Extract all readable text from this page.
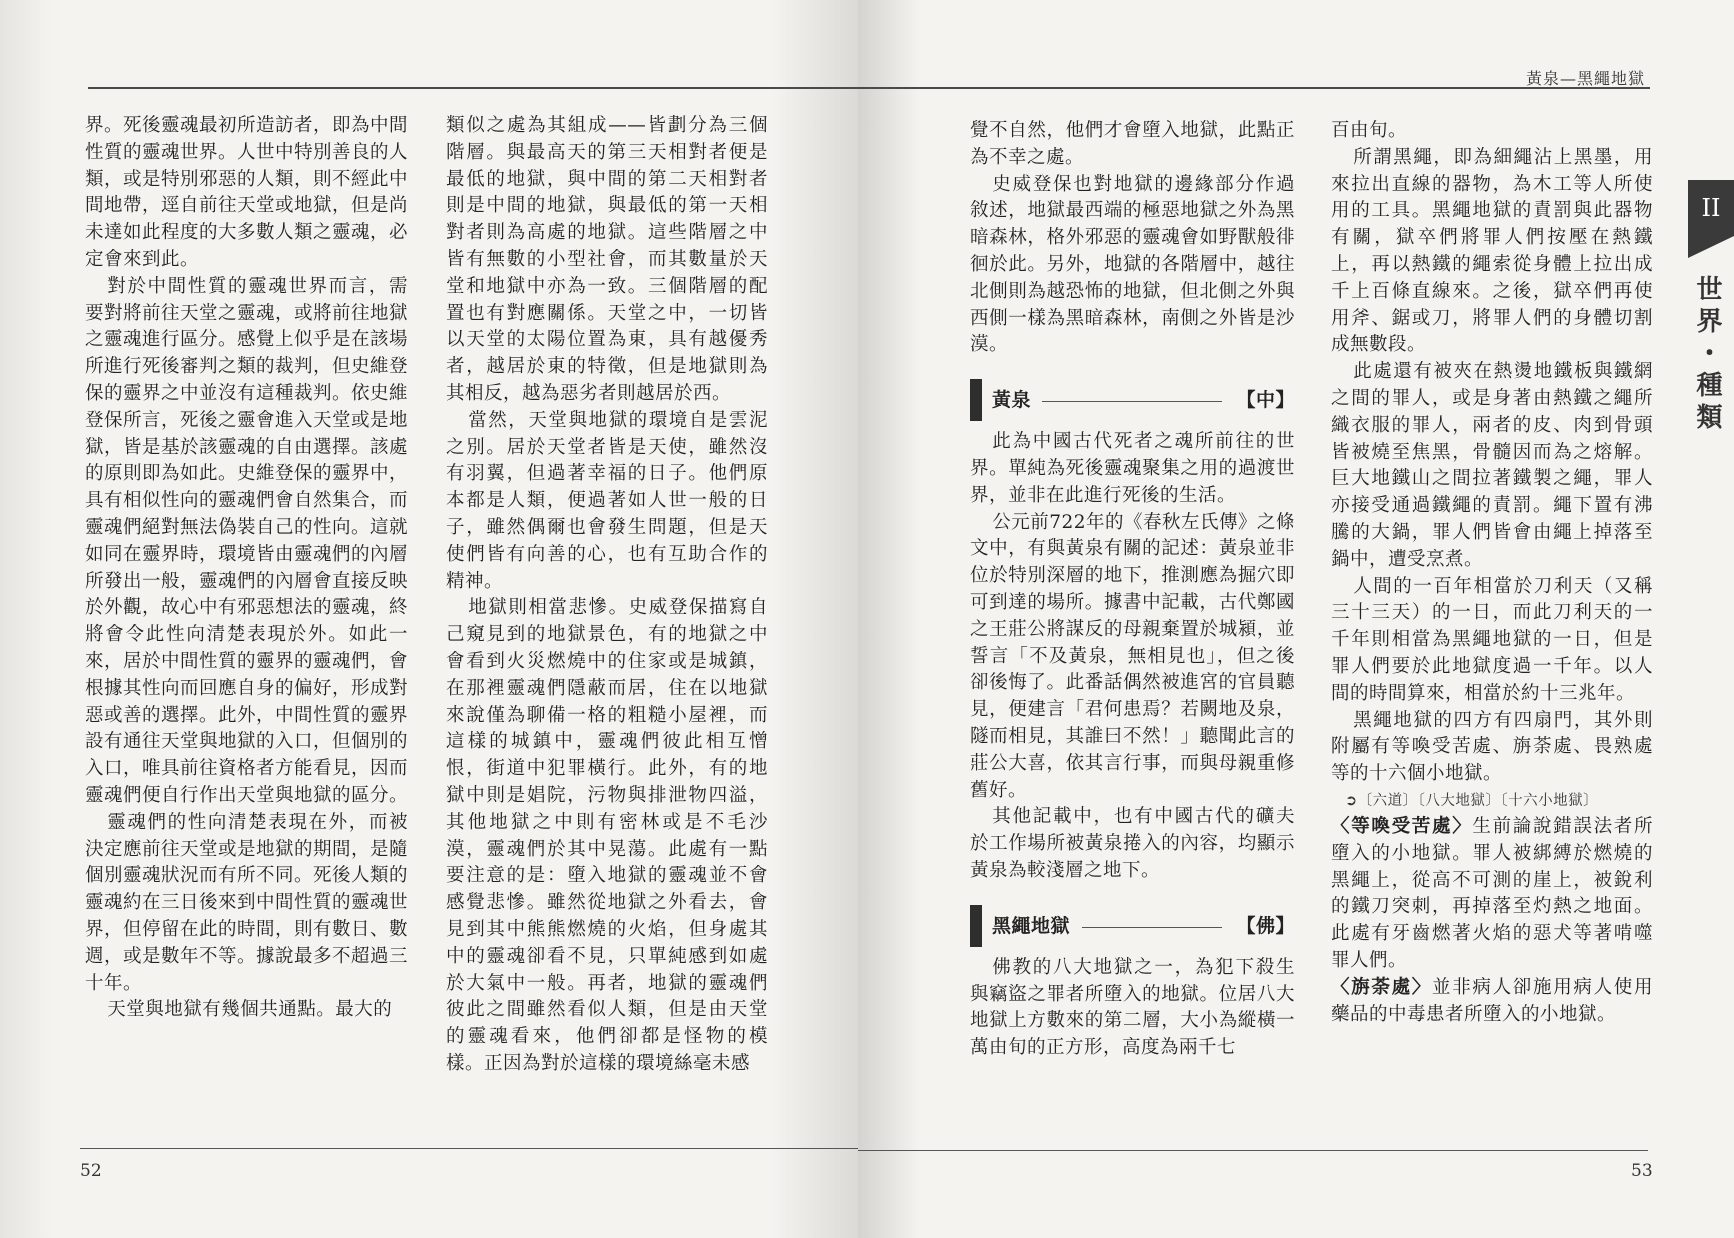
界。死後靈魂最初所造訪者，即為中間性質的靈魂世界。人世中特別善良的人類，或是特別邪惡的人類，則不經此中間地帶，逕自前往天堂或地獄，但是尚未達如此程度的大多數人類之靈魂，必定會來到此。

對於中間性質的靈魂世界而言，需要對將前往天堂之靈魂，或將前往地獄之靈魂進行區分。感覺上似乎是在該場所進行死後審判之類的裁判，但史維登保的靈界之中並沒有這種裁判。依史維登保所言，死後之靈會進入天堂或是地獄，皆是基於該靈魂的自由選擇。該處的原則即為如此。史維登保的靈界中，具有相似性向的靈魂們會自然集合，而靈魂們絕對無法偽裝自己的性向。這就如同在靈界時，環境皆由靈魂們的內層所發出一般，靈魂們的內層會直接反映於外觀，故心中有邪惡想法的靈魂，終將會令此性向清楚表現於外。如此一來，居於中間性質的靈界的靈魂們，會根據其性向而回應自身的偏好，形成對惡或善的選擇。此外，中間性質的靈界設有通往天堂與地獄的入口，但個別的入口，唯具前往資格者方能看見，因而靈魂們便自行作出天堂與地獄的區分。

靈魂們的性向清楚表現在外，而被決定應前往天堂或是地獄的期間，是隨個別靈魂狀況而有所不同。死後人類的靈魂約在三日後來到中間性質的靈魂世界，但停留在此的時間，則有數日、數週，或是數年不等。據說最多不超過三十年。

天堂與地獄有幾個共通點。最大的

類似之處為其組成——皆劃分為三個階層。與最高天的第三天相對者便是最低的地獄，與中間的第二天相對者則是中間的地獄，與最低的第一天相對者則為高處的地獄。這些階層之中皆有無數的小型社會，而其數量於天堂和地獄中亦為一致。三個階層的配置也有對應關係。天堂之中，一切皆以天堂的太陽位置為東，具有越優秀者，越居於東的特徵，但是地獄則為其相反，越為惡劣者則越居於西。

當然，天堂與地獄的環境自是雲泥之別。居於天堂者皆是天使，雖然沒有羽翼，但過著幸福的日子。他們原本都是人類，便過著如人世一般的日子，雖然偶爾也會發生問題，但是天使們皆有向善的心，也有互助合作的精神。

地獄則相當悲慘。史威登保描寫自己窺見到的地獄景色，有的地獄之中會看到火災燃燒中的住家或是城鎮，在那裡靈魂們隱蔽而居，住在以地獄來說僅為聊備一格的粗糙小屋裡，而這樣的城鎮中，靈魂們彼此相互憎恨，街道中犯罪橫行。此外，有的地獄中則是娼院，污物與排泄物四溢，其他地獄之中則有密林或是不毛沙漠，靈魂們於其中晃蕩。此處有一點要注意的是：墮入地獄的靈魂並不會感覺悲慘。雖然從地獄之外看去，會見到其中熊熊燃燒的火焰，但身處其中的靈魂卻看不見，只單純感到如處於大氣中一般。再者，地獄的靈魂們彼此之間雖然看似人類，但是由天堂的靈魂看來，他們卻都是怪物的模樣。正因為對於這樣的環境絲毫未感

52
黃泉—黑繩地獄

覺不自然，他們才會墮入地獄，此點正為不幸之處。

史威登保也對地獄的邊緣部分作過敘述，地獄最西端的極惡地獄之外為黑暗森林，格外邪惡的靈魂會如野獸般徘徊於此。另外，地獄的各階層中，越往北側則為越恐怖的地獄，但北側之外與西側一樣為黑暗森林，南側之外皆是沙漠。

黃泉	【中】

此為中國古代死者之魂所前往的世界。單純為死後靈魂聚集之用的過渡世界，並非在此進行死後的生活。

公元前722年的《春秋左氏傳》之條文中，有與黃泉有關的記述：黃泉並非位於特別深層的地下，推測應為掘穴即可到達的場所。據書中記載，古代鄭國之王莊公將謀反的母親棄置於城潁，並誓言「不及黃泉，無相見也」，但之後卻後悔了。此番話偶然被進宮的官員聽見，便建言「君何患焉？若闕地及泉，隧而相見，其誰曰不然！」聽聞此言的莊公大喜，依其言行事，而與母親重修舊好。

其他記載中，也有中國古代的礦夫於工作場所被黃泉捲入的內容，均顯示黃泉為較淺層之地下。

黑繩地獄	【佛】

佛教的八大地獄之一，為犯下殺生與竊盜之罪者所墮入的地獄。位居八大地獄上方數來的第二層，大小為縱橫一萬由旬的正方形，高度為兩千七

百由旬。

所謂黑繩，即為細繩沾上黑墨，用來拉出直線的器物，為木工等人所使用的工具。黑繩地獄的責罰與此器物有關，獄卒們將罪人們按壓在熱鐵上，再以熱鐵的繩索從身體上拉出成千上百條直線來。之後，獄卒們再使用斧、鋸或刀，將罪人們的身體切割成無數段。

此處還有被夾在熱燙地鐵板與鐵網之間的罪人，或是身著由熱鐵之繩所織衣服的罪人，兩者的皮、肉到骨頭皆被燒至焦黑，骨髓因而為之熔解。巨大地鐵山之間拉著鐵製之繩，罪人亦接受通過鐵繩的責罰。繩下置有沸騰的大鍋，罪人們皆會由繩上掉落至鍋中，遭受烹煮。

人間的一百年相當於刀利天（又稱三十三天）的一日，而此刀利天的一千年則相當為黑繩地獄的一日，但是罪人們要於此地獄度過一千年。以人間的時間算來，相當於約十三兆年。

黑繩地獄的四方有四扇門，其外則附屬有等喚受苦處、旃荼處、畏熟處等的十六個小地獄。

➲〔六道〕〔八大地獄〕〔十六小地獄〕

〈等喚受苦處〉生前論說錯誤法者所墮入的小地獄。罪人被綁縛於燃燒的黑繩上，從高不可測的崖上，被銳利的鐵刀突刺，再掉落至灼熱之地面。此處有牙齒燃著火焰的惡犬等著啃噬罪人們。

〈旃荼處〉並非病人卻施用病人使用藥品的中毒患者所墮入的小地獄。

II
世界・種類
53
